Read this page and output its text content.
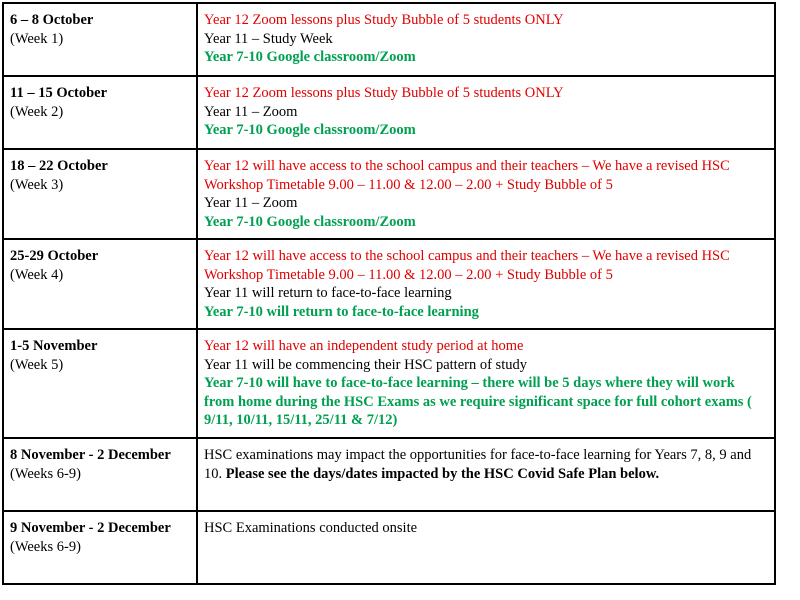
6 – 8 October
(Week 1)	Year 12 Zoom lessons plus Study Bubble of 5 students ONLY
Year 11 – Study Week
Year 7-10 Google classroom/Zoom

11 – 15 October
(Week 2)	Year 12 Zoom lessons plus Study Bubble of 5 students ONLY
Year 11 – Zoom
Year 7-10 Google classroom/Zoom

18 – 22 October
(Week 3)	Year 12 will have access to the school campus and their teachers – We have a revised HSC Workshop Timetable 9.00 – 11.00 & 12.00 – 2.00 + Study Bubble of 5
Year 11 – Zoom
Year 7-10 Google classroom/Zoom

25-29 October
(Week 4)	Year 12 will have access to the school campus and their teachers – We have a revised HSC Workshop Timetable 9.00 – 11.00 & 12.00 – 2.00 + Study Bubble of 5
Year 11 will return to face-to-face learning
Year 7-10 will return to face-to-face learning

1-5 November
(Week 5)	Year 12 will have an independent study period at home
Year 11 will be commencing their HSC pattern of study
Year 7-10 will have to face-to-face learning – there will be 5 days where they will work from home during the HSC Exams as we require significant space for full cohort exams ( 9/11, 10/11, 15/11, 25/11 & 7/12)

8 November - 2 December
(Weeks 6-9)	HSC examinations may impact the opportunities for face-to-face learning for Years 7, 8, 9 and 10. Please see the days/dates impacted by the HSC Covid Safe Plan below.

9 November - 2 December
(Weeks 6-9)	HSC Examinations conducted onsite
